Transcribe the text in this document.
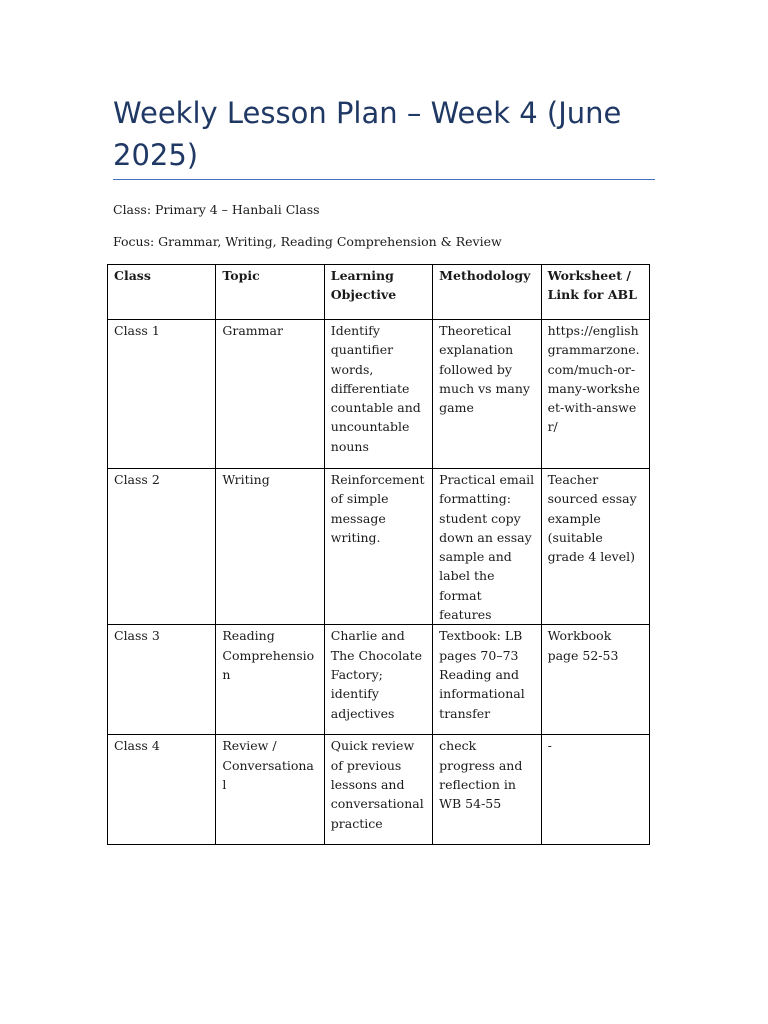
Weekly Lesson Plan – Week 4 (June 2025)

Class: Primary 4 – Hanbali Class

Focus: Grammar, Writing, Reading Comprehension & Review

Class	Topic	Learning Objective	Methodology	Worksheet / Link for ABL
Class 1	Grammar	Identify quantifier words, differentiate countable and uncountable nouns	Theoretical explanation followed by much vs many game	https://englishgrammarzone.com/much-or-many-worksheet-with-answer/
Class 2	Writing	Reinforcement of simple message writing.	Practical email formatting: student copy down an essay sample and label the format features	Teacher sourced essay example (suitable grade 4 level)
Class 3	Reading Comprehension	Charlie and The Chocolate Factory; identify adjectives	Textbook: LB pages 70–73 Reading and informational transfer	Workbook page 52-53
Class 4	Review / Conversational	Quick review of previous lessons and conversational practice	check progress and reflection in WB 54-55	-
